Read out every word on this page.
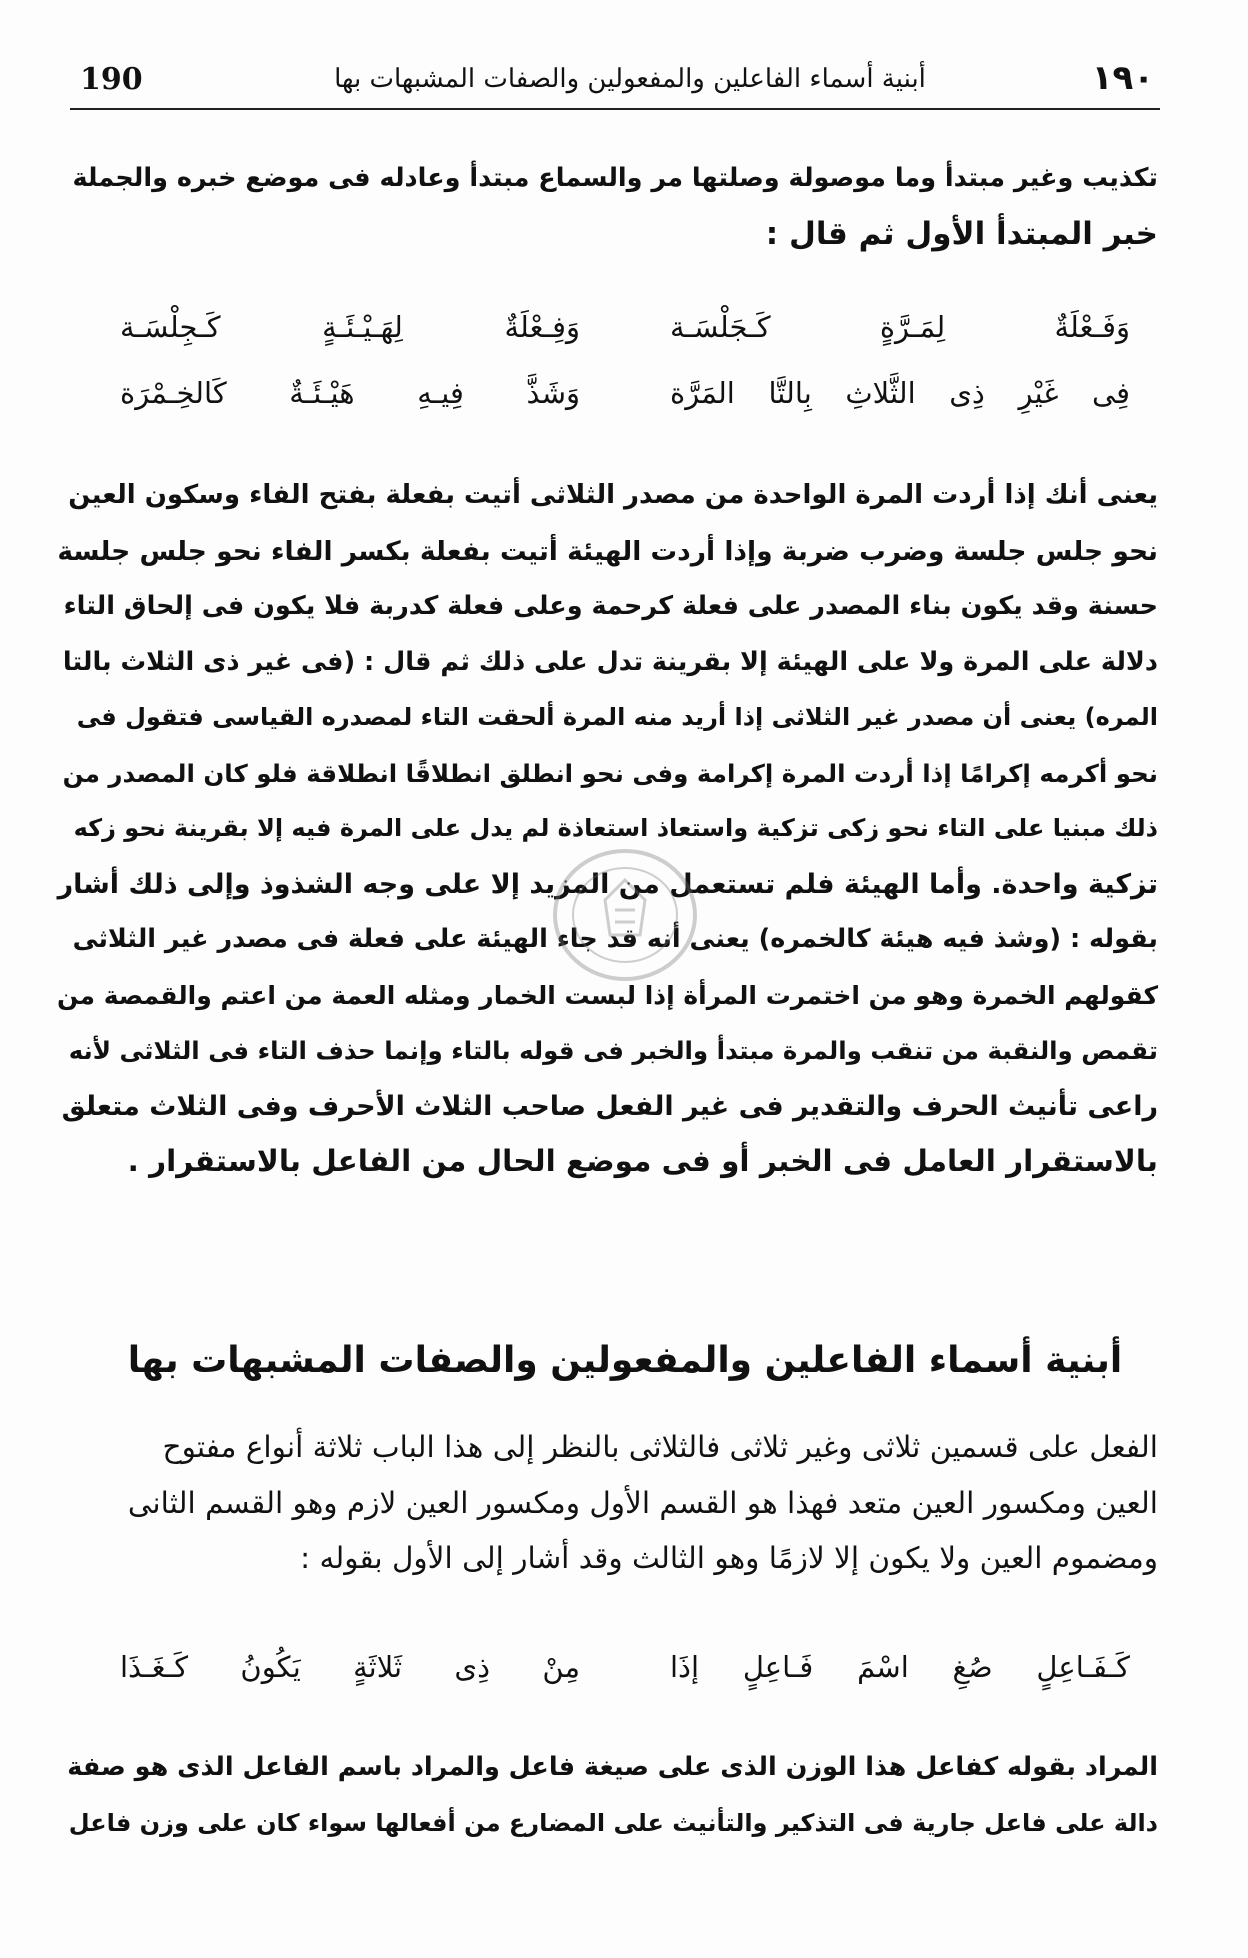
190	أبنية أسماء الفاعلين والمفعولين والصفات المشبهات بها	١٩٠
تكذيب وغير مبتدأ وما موصولة وصلتها مر والسماع مبتدأ وعادله فى موضع خبره والجملة
خبر المبتدأ الأول ثم قال :
وَفَـعْلَةٌ لِمَـرَّةٍ كَـجَلْسَـة
وَفِـعْلَةٌ لِهَـيْـئَـةٍ كَـجِلْسَـة
فِى غَيْرِ ذِى الثَّلاثِ بِالتَّا المَرَّة
وَشَذَّ فِيـهِ هَيْـئَـةٌ كَالخِـمْرَة
يعنى أنك إذا أردت المرة الواحدة من مصدر الثلاثى أتيت بفعلة بفتح الفاء وسكون العين
نحو جلس جلسة وضرب ضربة وإذا أردت الهيئة أتيت بفعلة بكسر الفاء نحو جلس جلسة
حسنة وقد يكون بناء المصدر على فعلة كرحمة وعلى فعلة كدربة فلا يكون فى إلحاق التاء
دلالة على المرة ولا على الهيئة إلا بقرينة تدل على ذلك ثم قال : (فى غير ذى الثلاث بالتا
المره) يعنى أن مصدر غير الثلاثى إذا أريد منه المرة ألحقت التاء لمصدره القياسى فتقول فى
نحو أكرمه إكرامًا إذا أردت المرة إكرامة وفى نحو انطلق انطلاقًا انطلاقة فلو كان المصدر من
ذلك مبنيا على التاء نحو زكى تزكية واستعاذ استعاذة لم يدل على المرة فيه إلا بقرينة نحو زكه
تزكية واحدة. وأما الهيئة فلم تستعمل من المزيد إلا على وجه الشذوذ وإلى ذلك أشار
بقوله : (وشذ فيه هيئة كالخمره) يعنى أنه قد جاء الهيئة على فعلة فى مصدر غير الثلاثى
كقولهم الخمرة وهو من اختمرت المرأة إذا لبست الخمار ومثله العمة من اعتم والقمصة من
تقمص والنقبة من تنقب والمرة مبتدأ والخبر فى قوله بالتاء وإنما حذف التاء فى الثلاثى لأنه
راعى تأنيث الحرف والتقدير فى غير الفعل صاحب الثلاث الأحرف وفى الثلاث متعلق
بالاستقرار العامل فى الخبر أو فى موضع الحال من الفاعل بالاستقرار .
أبنية أسماء الفاعلين والمفعولين والصفات المشبهات بها
الفعل على قسمين ثلاثى وغير ثلاثى فالثلاثى بالنظر إلى هذا الباب ثلاثة أنواع مفتوح
العين ومكسور العين متعد فهذا هو القسم الأول ومكسور العين لازم وهو القسم الثانى
ومضموم العين ولا يكون إلا لازمًا وهو الثالث وقد أشار إلى الأول بقوله :
كَـفَـاعِلٍ صُغِ اسْمَ فَـاعِلٍ إذَا
مِنْ ذِى ثَلاثَةٍ يَكُونُ كَـغَـذَا
المراد بقوله كفاعل هذا الوزن الذى على صيغة فاعل والمراد باسم الفاعل الذى هو صفة
دالة على فاعل جارية فى التذكير والتأنيث على المضارع من أفعالها سواء كان على وزن فاعل
